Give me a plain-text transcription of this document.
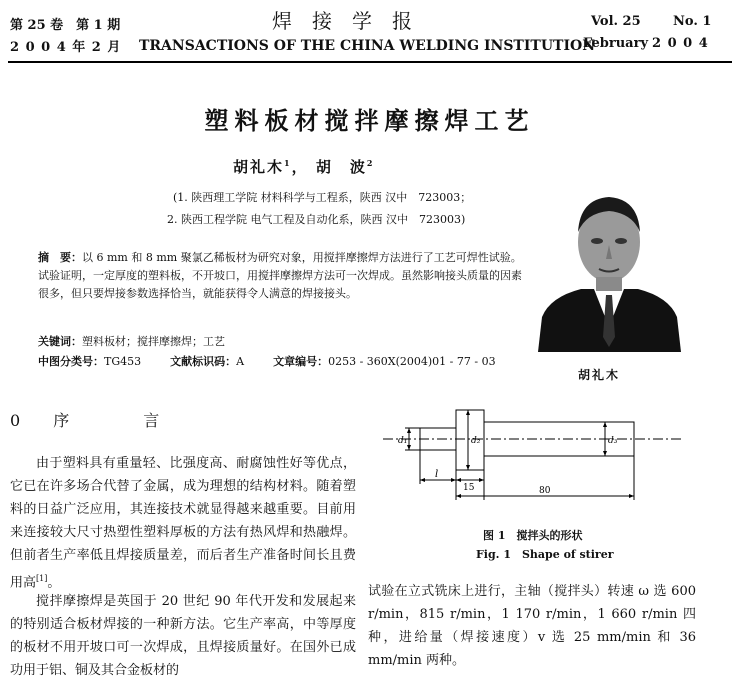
第 25 卷　第 1 期
2 0 0 4 年 2 月
焊　接　学　报
TRANSACTIONS OF THE CHINA WELDING INSTITUTION
Vol. 25 No. 1
February 2 0 0 4
塑料板材搅拌摩擦焊工艺
胡礼木$^1$， 胡　波$^2$
(1. 陕西理工学院 材料科学与工程系，陕西 汉中　723003；
2. 陕西工程学院 电气工程及自动化系，陕西 汉中　723003)
摘　要：以 6 mm 和 8 mm 聚氯乙稀板材为研究对象，用搅拌摩擦焊方法进行了工艺可焊性试验。试验证明，一定厚度的塑料板，不开坡口，用搅拌摩擦焊方法可一次焊成。虽然影响接头质量的因素很多，但只要焊接参数选择恰当，就能获得令人满意的焊接接头。
关键词：塑料板材；搅拌摩擦焊；工艺
中图分类号：TG453	文献标识码：A	文章编号：0253 - 360X(2004)01 - 77 - 03
胡礼木
0 序　　言
由于塑料具有重量轻、比强度高、耐腐蚀性好等优点，它已在许多场合代替了金属，成为理想的结构材料。随着塑料的日益广泛应用，其连接技术就显得越来越重要。目前用来连接较大尺寸热塑性塑料厚板的方法有热风焊和热融焊。但前者生产率低且焊接质量差，而后者生产准备时间长且费用高[1]。
搅拌摩擦焊是英国于 20 世纪 90 年代开发和发展起来的特别适合板材焊接的一种新方法。它生产率高，中等厚度的板材不用开坡口可一次焊成，且焊接质量好。在国外已成功用于铝、铜及其合金板材的
d₁	d₂	d₃
l
15	80
图 1　搅拌头的形状
Fig. 1　Shape of stirer
试验在立式铣床上进行，主轴（搅拌头）转速 ω 选 600 r/min，815 r/min，1 170 r/min，1 660 r/min 四种，进给量（焊接速度）v 选 25 mm/min 和 36 mm/min 两种。
